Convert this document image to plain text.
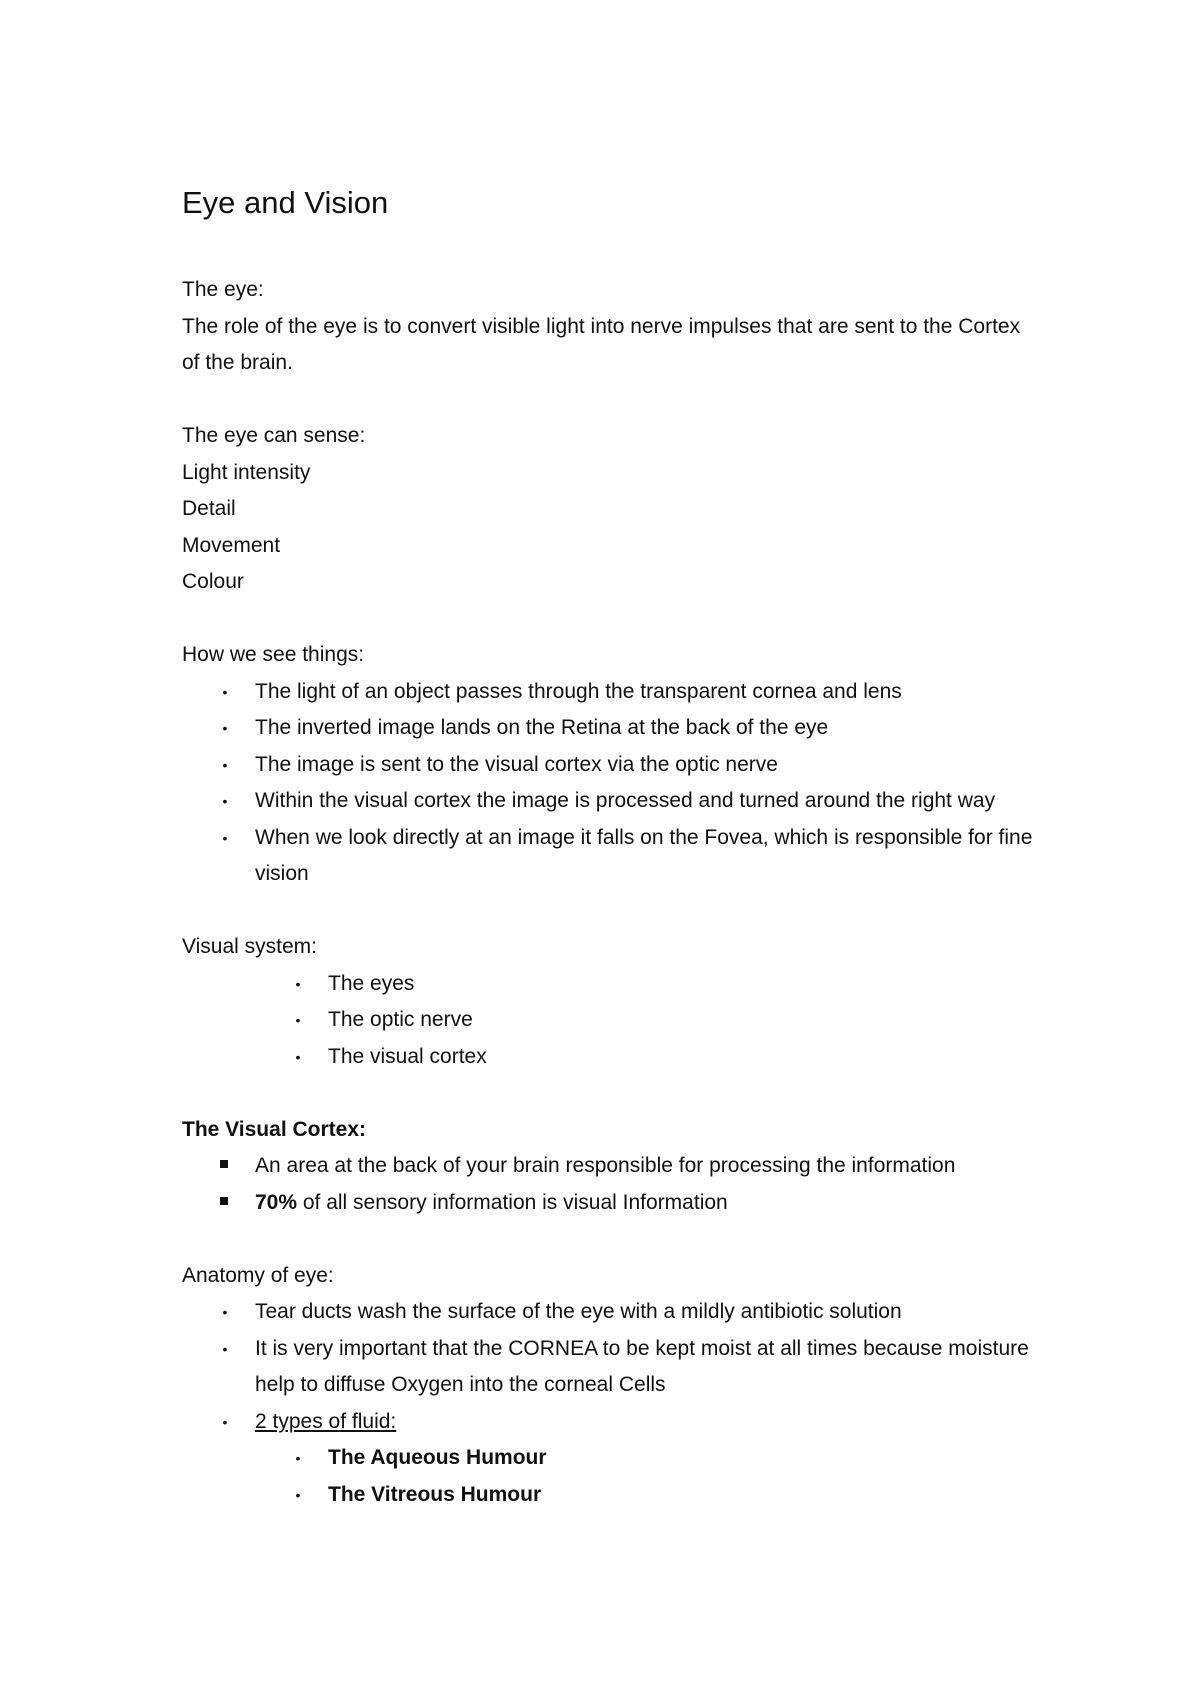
Eye and Vision

The eye:

The role of the eye is to convert visible light into nerve impulses that are sent to the Cortex of the brain.

The eye can sense:

Light intensity

Detail

Movement

Colour

How we see things:

•	The light of an object passes through the transparent cornea and lens
•	The inverted image lands on the Retina at the back of the eye
•	The image is sent to the visual cortex via the optic nerve
•	Within the visual cortex the image is processed and turned around the right way
•	When we look directly at an image it falls on the Fovea, which is responsible for fine vision

Visual system:

•	The eyes
•	The optic nerve
•	The visual cortex

The Visual Cortex:

An area at the back of your brain responsible for processing the information
70% of all sensory information is visual Information

Anatomy of eye:

•	Tear ducts wash the surface of the eye with a mildly antibiotic solution
•	It is very important that the CORNEA to be kept moist at all times because moisture help to diffuse Oxygen into the corneal Cells
•	2 types of fluid:
•	The Aqueous Humour
•	The Vitreous Humour
